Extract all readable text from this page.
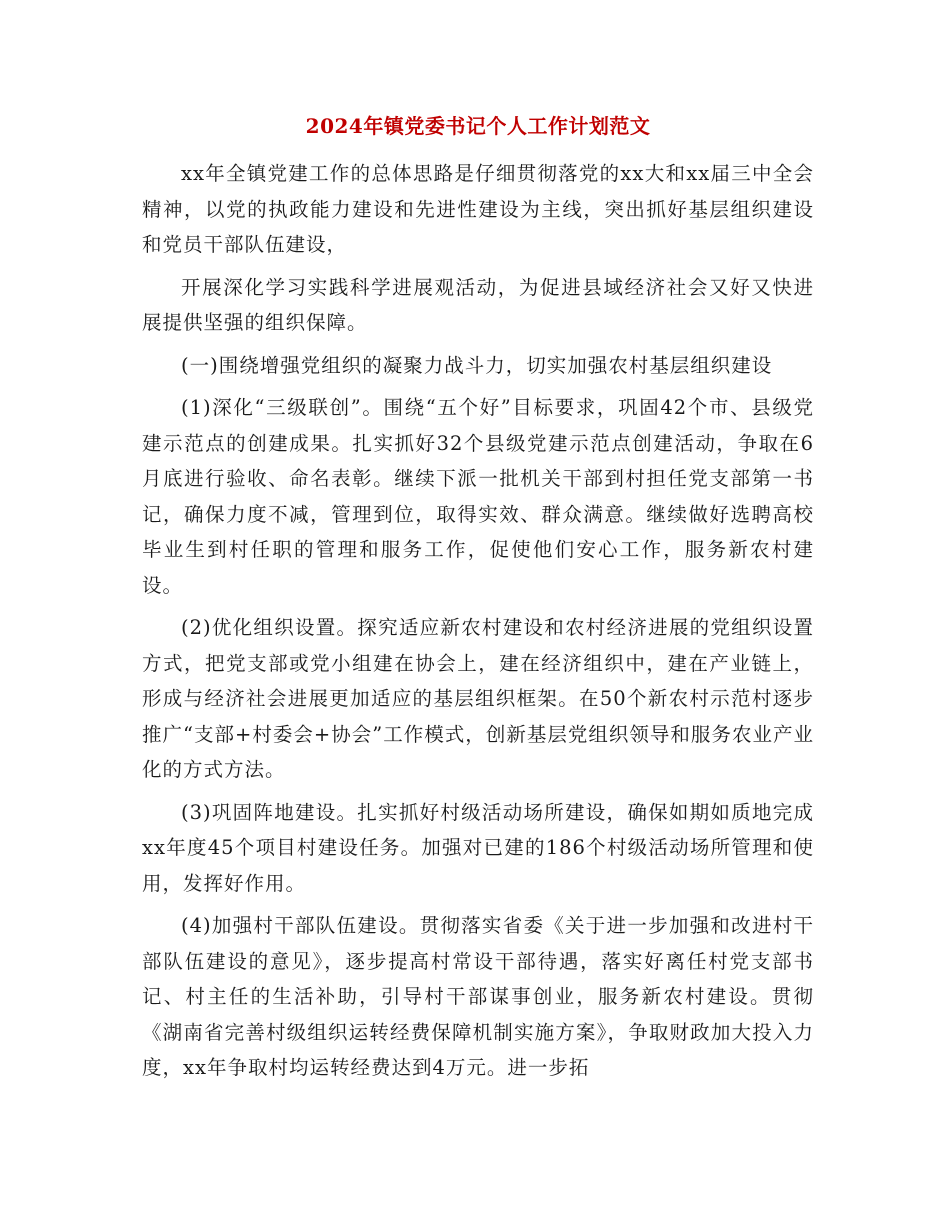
2024年镇党委书记个人工作计划范文

xx年全镇党建工作的总体思路是仔细贯彻落党的xx大和xx届三中全会精神，以党的执政能力建设和先进性建设为主线，突出抓好基层组织建设和党员干部队伍建设，

开展深化学习实践科学进展观活动，为促进县域经济社会又好又快进展提供坚强的组织保障。

(一)围绕增强党组织的凝聚力战斗力，切实加强农村基层组织建设

(1)深化“三级联创”。围绕“五个好”目标要求，巩固42个市、县级党建示范点的创建成果。扎实抓好32个县级党建示范点创建活动，争取在6月底进行验收、命名表彰。继续下派一批机关干部到村担任党支部第一书记，确保力度不减，管理到位，取得实效、群众满意。继续做好选聘高校毕业生到村任职的管理和服务工作，促使他们安心工作，服务新农村建设。

(2)优化组织设置。探究适应新农村建设和农村经济进展的党组织设置方式，把党支部或党小组建在协会上，建在经济组织中，建在产业链上，形成与经济社会进展更加适应的基层组织框架。在50个新农村示范村逐步推广“支部+村委会+协会”工作模式，创新基层党组织领导和服务农业产业化的方式方法。

(3)巩固阵地建设。扎实抓好村级活动场所建设，确保如期如质地完成xx年度45个项目村建设任务。加强对已建的186个村级活动场所管理和使用，发挥好作用。

(4)加强村干部队伍建设。贯彻落实省委《关于进一步加强和改进村干部队伍建设的意见》，逐步提高村常设干部待遇，落实好离任村党支部书记、村主任的生活补助，引导村干部谋事创业，服务新农村建设。贯彻《湖南省完善村级组织运转经费保障机制实施方案》，争取财政加大投入力度，xx年争取村均运转经费达到4万元。进一步拓
